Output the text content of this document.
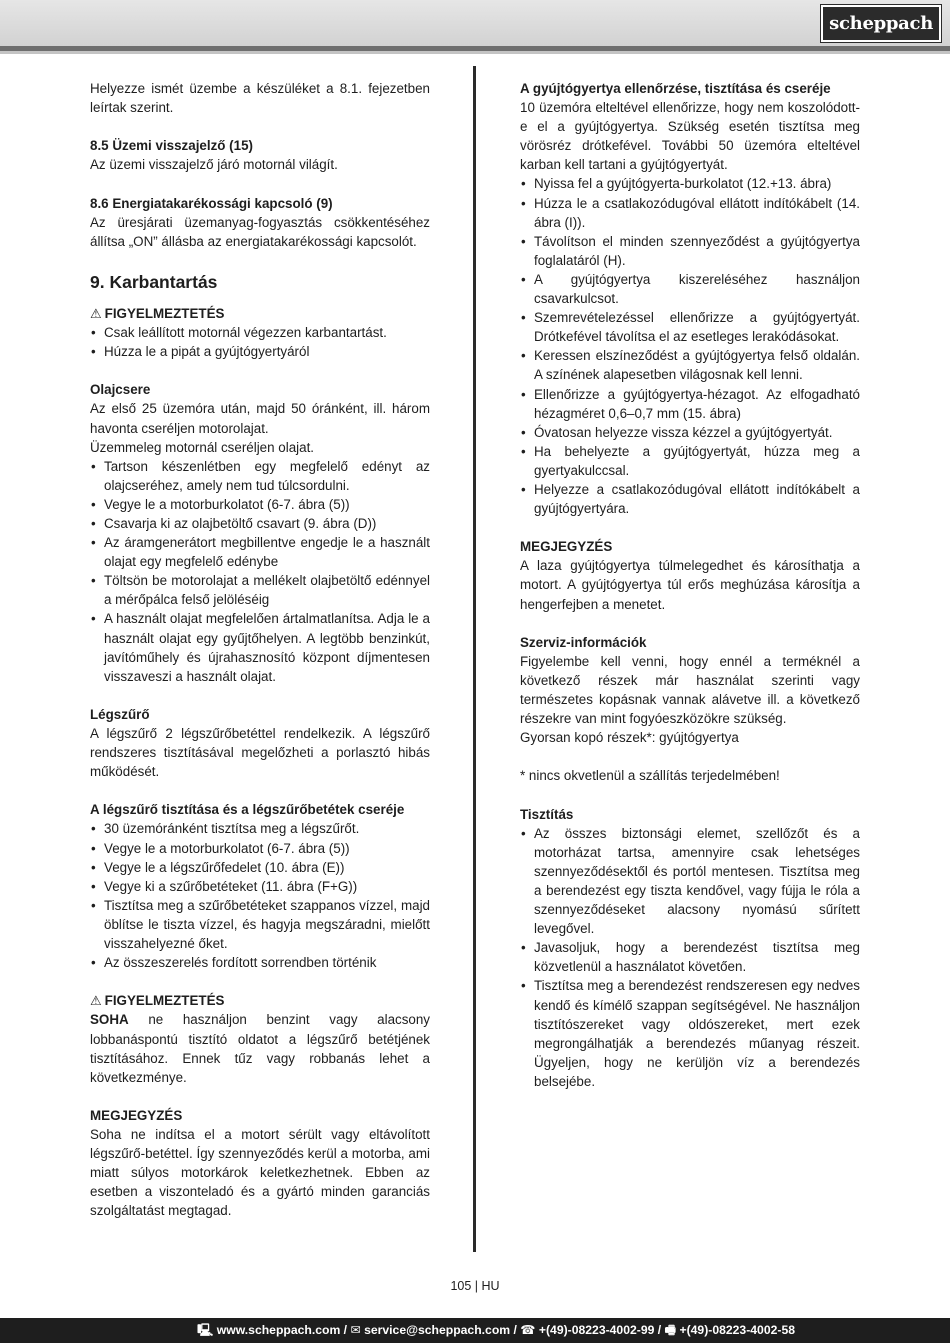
scheppach

Helyezze ismét üzembe a készüléket a 8.1. fejezetben leírtak szerint.

8.5 Üzemi visszajelző (15)

Az üzemi visszajelző járó motornál világít.

8.6 Energiatakarékossági kapcsoló (9)

Az üresjárati üzemanyag-fogyasztás csökkentéséhez állítsa „ON” állásba az energiatakarékossági kapcsolót.

9. Karbantartás
⚠ FIGYELMEZTETÉS
• Csak leállított motornál végezzen karbantartást.
• Húzza le a pipát a gyújtógyertyáról
Olajcsere

Az első 25 üzemóra után, majd 50 óránként, ill. három havonta cseréljen motorolajat.

Üzemmeleg motornál cseréljen olajat.

• Tartson készenlétben egy megfelelő edényt az olajcseréhez, amely nem tud túlcsordulni.
• Vegye le a motorburkolatot (6-7. ábra (5))
• Csavarja ki az olajbetöltő csavart (9. ábra (D))
• Az áramgenerátort megbillentve engedje le a használt olajat egy megfelelő edénybe
• Töltsön be motorolajat a mellékelt olajbetöltő edénnyel a mérőpálca felső jelöléséig
• A használt olajat megfelelően ártalmatlanítsa. Adja le a használt olajat egy gyűjtőhelyen. A legtöbb benzinkút, javítóműhely és újrahasznosító központ díjmentesen visszaveszi a használt olajat.
Légszűrő

A légszűrő 2 légszűrőbetéttel rendelkezik. A légszűrő rendszeres tisztításával megelőzheti a porlasztó hibás működését.

A légszűrő tisztítása és a légszűrőbetétek cseréje
• 30 üzemóránként tisztítsa meg a légszűrőt.
• Vegye le a motorburkolatot (6-7. ábra (5))
• Vegye le a légszűrőfedelet (10. ábra (E))
• Vegye ki a szűrőbetéteket (11. ábra (F+G))
• Tisztítsa meg a szűrőbetéteket szappanos vízzel, majd öblítse le tiszta vízzel, és hagyja megszáradni, mielőtt visszahelyezné őket.
• Az összeszerelés fordított sorrendben történik
⚠ FIGYELMEZTETÉS

SOHA ne használjon benzint vagy alacsony lobbanáspontú tisztító oldatot a légszűrő betétjének tisztításához. Ennek tűz vagy robbanás lehet a következménye.

MEGJEGYZÉS

Soha ne indítsa el a motort sérült vagy eltávolított légszűrő-betéttel. Így szennyeződés kerül a motorba, ami miatt súlyos motorkárok keletkezhetnek. Ebben az esetben a viszonteladó és a gyártó minden garanciás szolgáltatást megtagad.

A gyújtógyertya ellenőrzése, tisztítása és cseréje

10 üzemóra elteltével ellenőrizze, hogy nem koszolódott-e el a gyújtógyertya. Szükség esetén tisztítsa meg vörösréz drótkefével. További 50 üzemóra elteltével karban kell tartani a gyújtógyertyát.

• Nyissa fel a gyújtógyerta-burkolatot (12.+13. ábra)
• Húzza le a csatlakozódugóval ellátott indítókábelt (14. ábra (I)).
• Távolítson el minden szennyeződést a gyújtógyertya foglalatáról (H).
• A gyújtógyertya kiszereléséhez használjon csavarkulcsot.
• Szemrevételezéssel ellenőrizze a gyújtógyertyát. Drótkefével távolítsa el az esetleges lerakódásokat.
• Keressen elszíneződést a gyújtógyertya felső oldalán. A színének alapesetben világosnak kell lenni.
• Ellenőrizze a gyújtógyertya-hézagot. Az elfogadható hézagméret 0,6–0,7 mm (15. ábra)
• Óvatosan helyezze vissza kézzel a gyújtógyertyát.
• Ha behelyezte a gyújtógyertyát, húzza meg a gyertyakulccsal.
• Helyezze a csatlakozódugóval ellátott indítókábelt a gyújtógyertyára.
MEGJEGYZÉS

A laza gyújtógyertya túlmelegedhet és károsíthatja a motort. A gyújtógyertya túl erős meghúzása károsítja a hengerfejben a menetet.

Szerviz-információk

Figyelembe kell venni, hogy ennél a terméknél a következő részek már használat szerinti vagy természetes kopásnak vannak alávetve ill. a következő részekre van mint fogyóeszközökre szükség.

Gyorsan kopó részek*: gyújtógyertya

* nincs okvetlenül a szállítás terjedelmében!

Tisztítás
• Az összes biztonsági elemet, szellőzőt és a motorházat tartsa, amennyire csak lehetséges szennyeződésektől és portól mentesen. Tisztítsa meg a berendezést egy tiszta kendővel, vagy fújja le róla a szennyeződéseket alacsony nyomású sűrített levegővel.
• Javasoljuk, hogy a berendezést tisztítsa meg közvetlenül a használatot követően.
• Tisztítsa meg a berendezést rendszeresen egy nedves kendő és kímélő szappan segítségével. Ne használjon tisztítószereket vagy oldószereket, mert ezek megrongálhatják a berendezés műanyag részeit. Ügyeljen, hogy ne kerüljön víz a berendezés belsejébe.
105 | HU
🖳 www.scheppach.com / ✉ service@scheppach.com / ☎ +(49)-08223-4002-99 / 🖷 +(49)-08223-4002-58
